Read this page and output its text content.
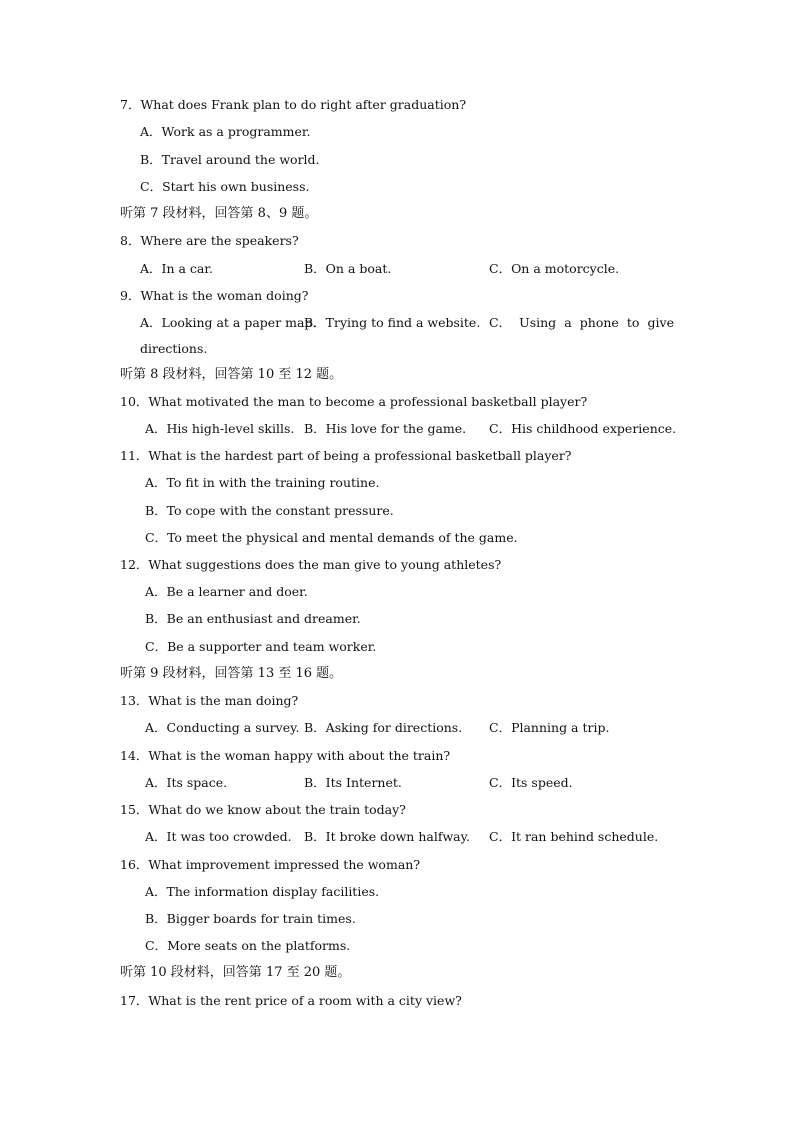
7．What does Frank plan to do right after graduation?
A．Work as a programmer.
B．Travel around the world.
C．Start his own business.
听第 7 段材料，回答第 8、9 题。
8．Where are the speakers?
A．In a car.	B．On a boat.	C．On a motorcycle.
9．What is the woman doing?
A．Looking at a paper map.
B．Trying to find a website. C． Using a phone to give
directions.
听第 8 段材料，回答第 10 至 12 题。
10．What motivated the man to become a professional basketball player?
A．His high-level skills. B．His love for the game. C．His childhood experience.
11．What is the hardest part of being a professional basketball player?
A．To fit in with the training routine.
B．To cope with the constant pressure.
C．To meet the physical and mental demands of the game.
12．What suggestions does the man give to young athletes?
A．Be a learner and doer.
B．Be an enthusiast and dreamer.
C．Be a supporter and team worker.
听第 9 段材料，回答第 13 至 16 题。
13．What is the man doing?
A．Conducting a survey. B．Asking for directions. C．Planning a trip.
14．What is the woman happy with about the train?
A．Its space.	B．Its Internet.	C．Its speed.
15．What do we know about the train today?
A．It was too crowded. B．It broke down halfway. C．It ran behind schedule.
16．What improvement impressed the woman?
A．The information display facilities.
B．Bigger boards for train times.
C．More seats on the platforms.
听第 10 段材料，回答第 17 至 20 题。
17．What is the rent price of a room with a city view?
